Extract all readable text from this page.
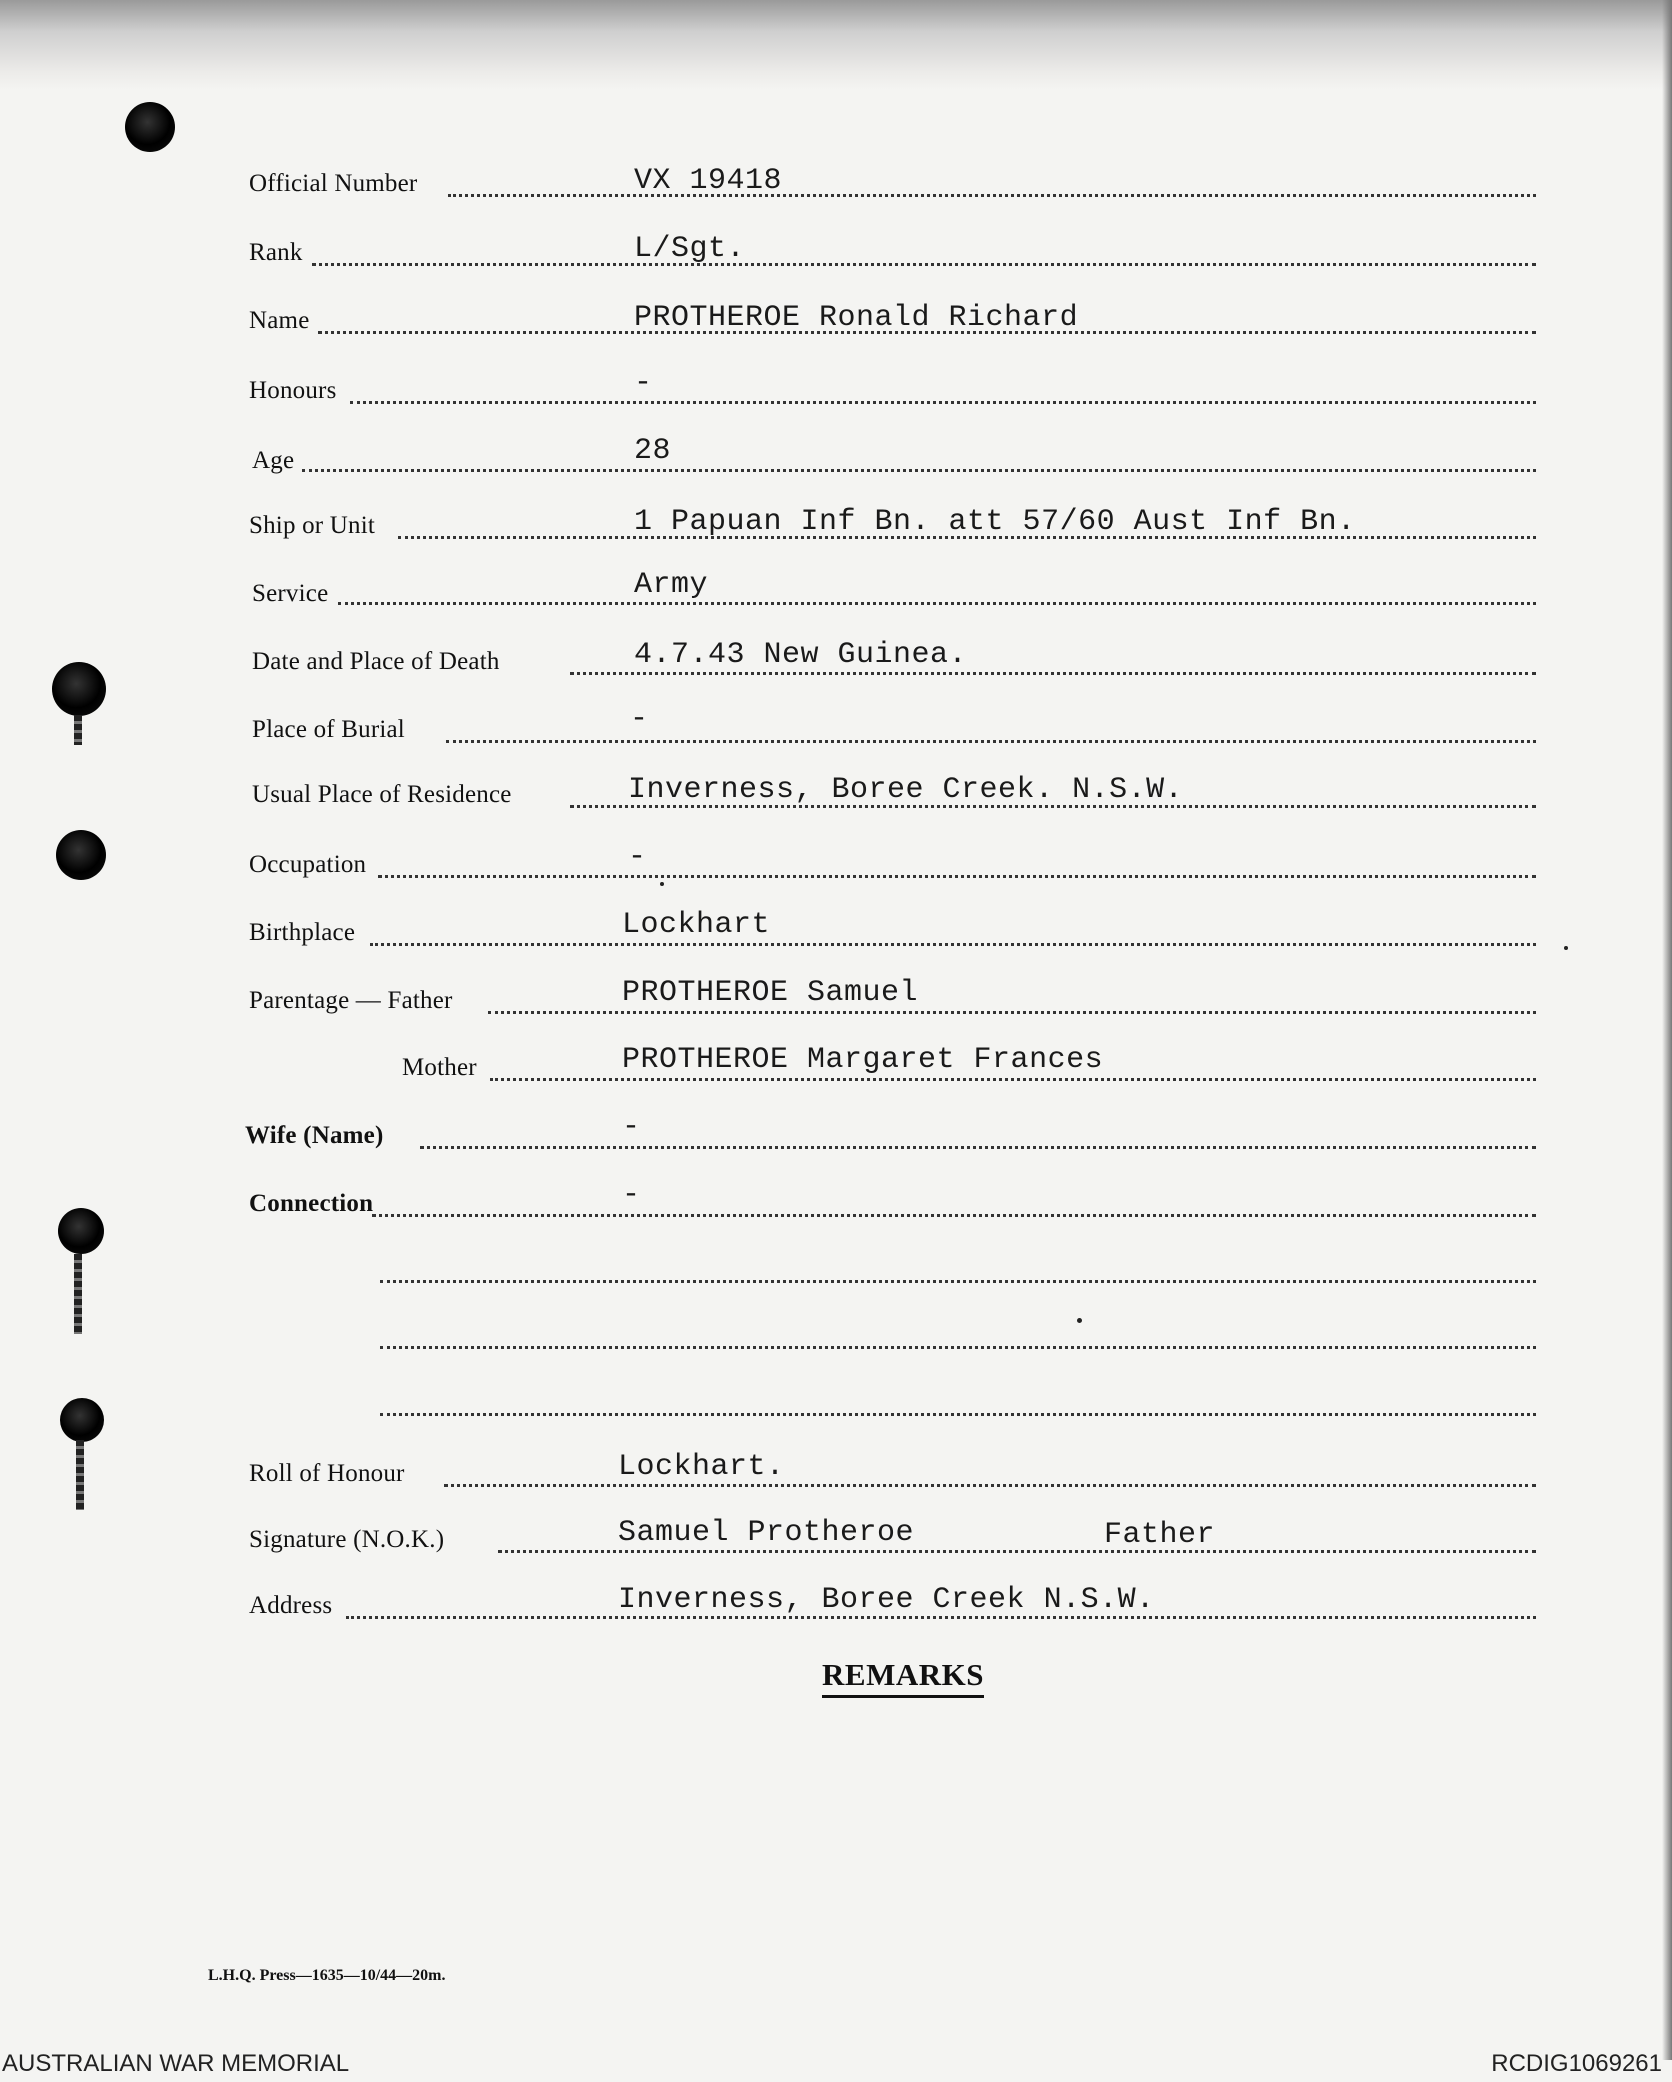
Official Number	VX 19418
Rank	L/Sgt.
Name	PROTHEROE Ronald Richard
Honours	-
Age	28
Ship or Unit	1 Papuan Inf Bn. att 57/60 Aust Inf Bn.
Service	Army
Date and Place of Death	4.7.43 New Guinea.
Place of Burial	-
Usual Place of Residence	Inverness, Boree Creek. N.S.W.
Occupation	-
Birthplace	Lockhart
Parentage — Father	PROTHEROE Samuel
Mother	PROTHEROE Margaret Frances
Wife (Name)	-
Connection	-
Roll of Honour	Lockhart.
Signature (N.O.K.)	Samuel Protheroe	Father
Address	Inverness, Boree Creek N.S.W.
REMARKS
L.H.Q. Press—1635—10/44—20m.
AUSTRALIAN WAR MEMORIAL	RCDIG1069261
